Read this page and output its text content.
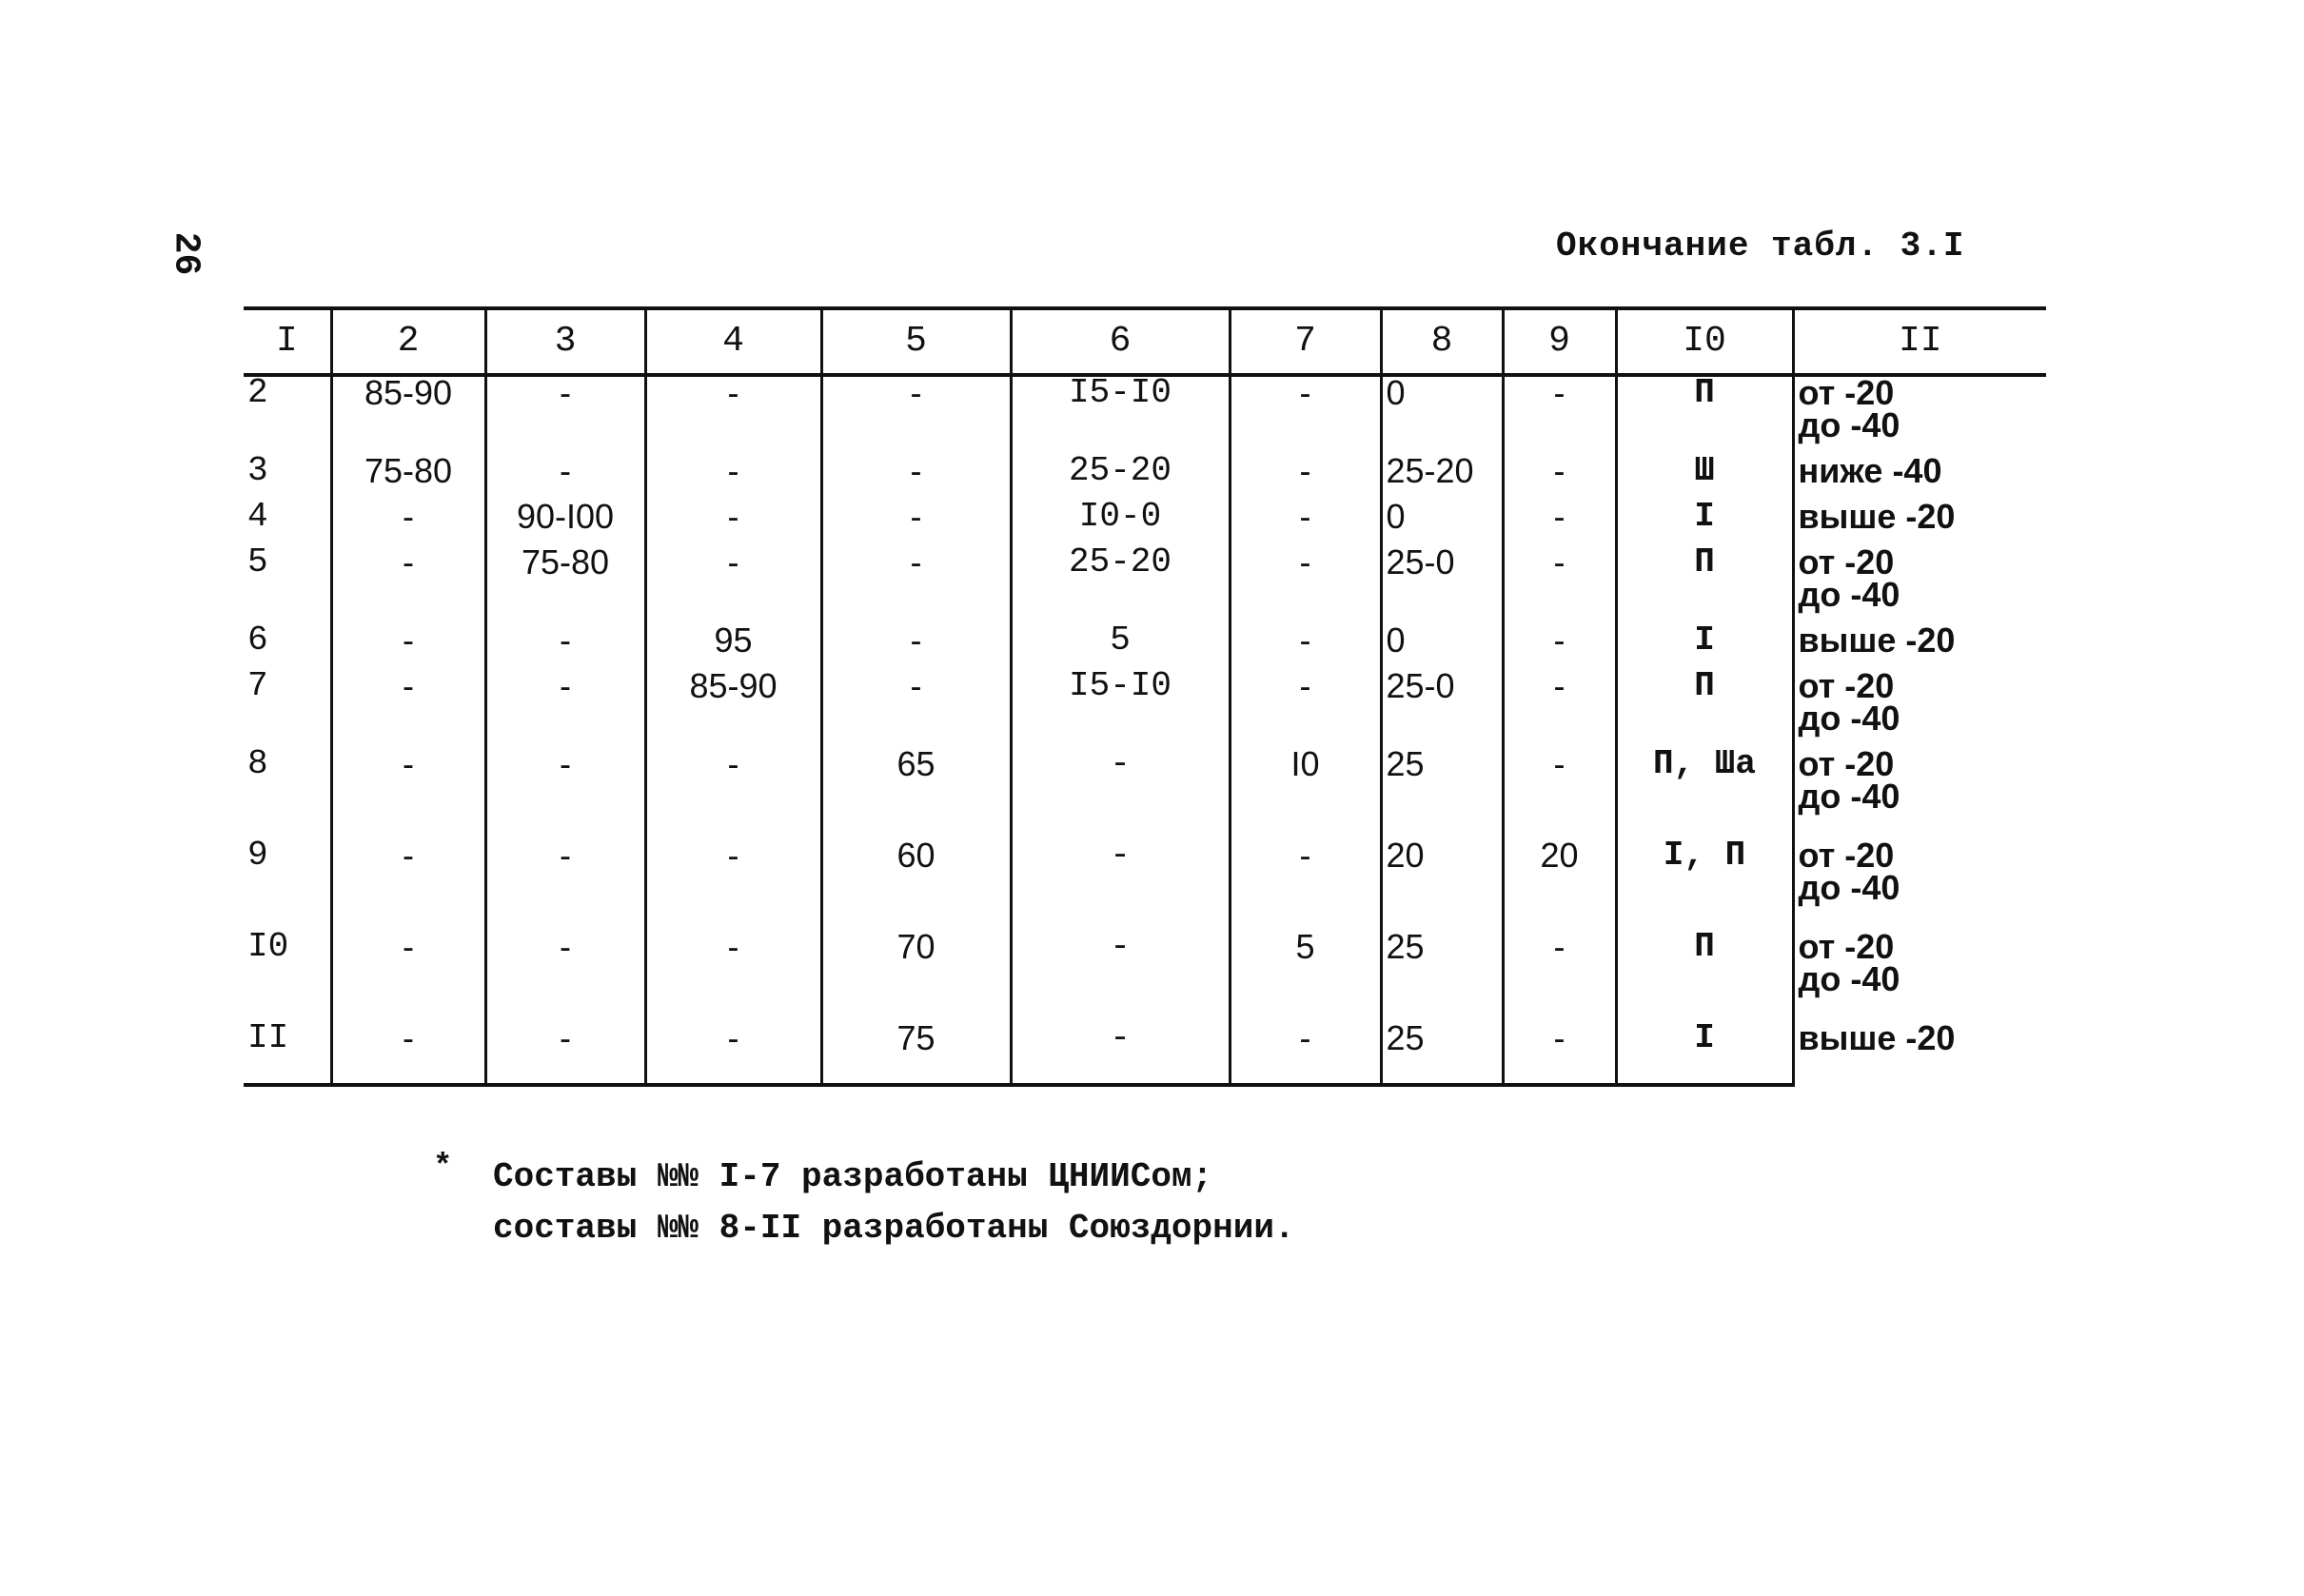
26	Окончание табл. 3.I
I	2	3	4	5	6	7	8	9	I0	II
2	85-90	-	-	-	I5-I0	-	0	-	П	от -20
до -40

3	75-80	-	-	-	25-20	-	25-20	-	Ш	ниже -40
4	-	90-I00	-	-	I0-0	-	0	-	I	выше -20
5	-	75-80	-	-	25-20	-	25-0	-	П	от -20
до -40

6	-	-	95	-	5	-	0	-	I	выше -20
7	-	-	85-90	-	I5-I0	-	25-0	-	П	от -20
до -40

8	-	-	-	65	-	I0	25	-	П, Ша	от -20
до -40

9	-	-	-	60	-	-	20	20	I, П	от -20
до -40

I0	-	-	-	70	-	5	25	-	П	от -20
до -40

II	-	-	-	75	-	-	25	-	I	выше -20
* Составы №№ I-7 разработаны ЦНИИСом;
составы №№ 8-II разработаны Союздорнии.
